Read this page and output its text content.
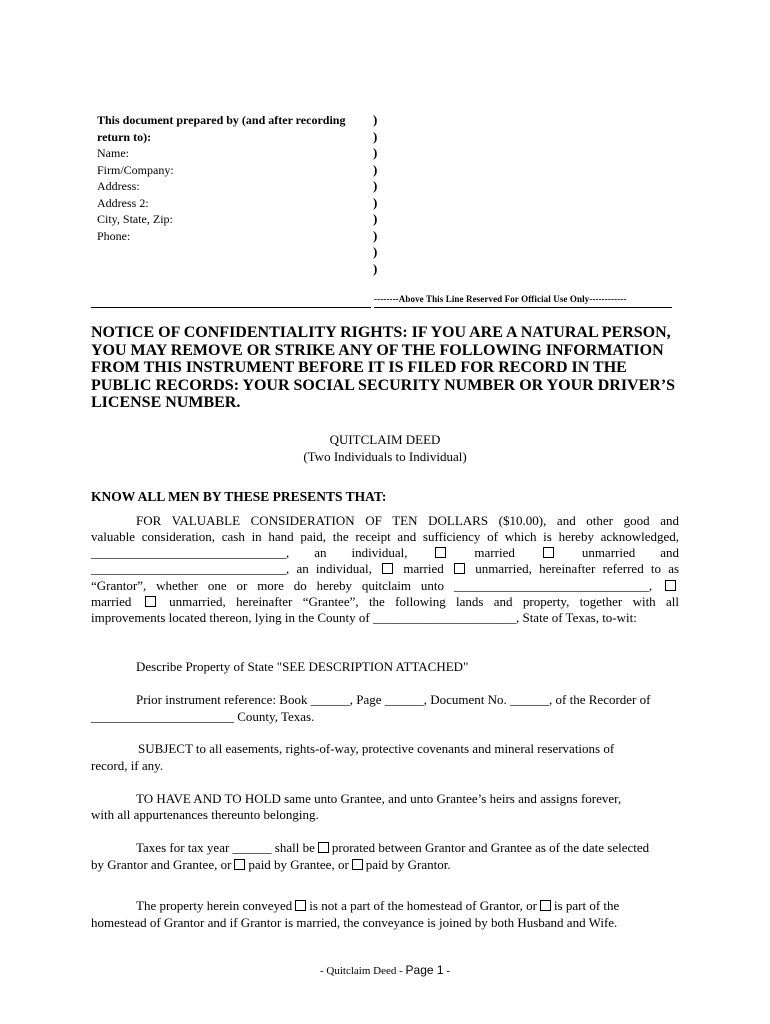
This document prepared by (and after recording
return to):
Name:
Firm/Company:
Address:
Address 2:
City, State, Zip:
Phone:
)
)
)
)
)
)
)
)
)
)
--------Above This Line Reserved For Official Use Only------------
NOTICE OF CONFIDENTIALITY RIGHTS: IF YOU ARE A NATURAL PERSON, YOU MAY REMOVE OR STRIKE ANY OF THE FOLLOWING INFORMATION FROM THIS INSTRUMENT BEFORE IT IS FILED FOR RECORD IN THE PUBLIC RECORDS: YOUR SOCIAL SECURITY NUMBER OR YOUR DRIVER’S LICENSE NUMBER.
QUITCLAIM DEED
(Two Individuals to Individual)
KNOW ALL MEN BY THESE PRESENTS THAT:
FOR VALUABLE CONSIDERATION OF TEN DOLLARS ($10.00), and other good and
valuable consideration, cash in hand paid, the receipt and sufficiency of which is hereby acknowledged,
______________________________, an individual,	married	unmarried and
______________________________, an individual, married unmarried, hereinafter referred to as
“Grantor”, whether one or more do hereby quitclaim unto ______________________________,
married	unmarried, hereinafter “Grantee”, the following lands and property, together with all
improvements located thereon, lying in the County of ______________________, State of Texas, to-wit:
Describe Property of State "SEE DESCRIPTION ATTACHED"
Prior instrument reference: Book ______, Page ______, Document No. ______, of the Recorder of
______________________ County, Texas.
SUBJECT to all easements, rights-of-way, protective covenants and mineral reservations of
record, if any.
TO HAVE AND TO HOLD same unto Grantee, and unto Grantee’s heirs and assigns forever,
with all appurtenances thereunto belonging.
Taxes for tax year ______ shall be prorated between Grantor and Grantee as of the date selected
by Grantor and Grantee, or paid by Grantee, or paid by Grantor.
The property herein conveyed is not a part of the homestead of Grantor, or is part of the
homestead of Grantor and if Grantor is married, the conveyance is joined by both Husband and Wife.
- Quitclaim Deed - Page 1 -
